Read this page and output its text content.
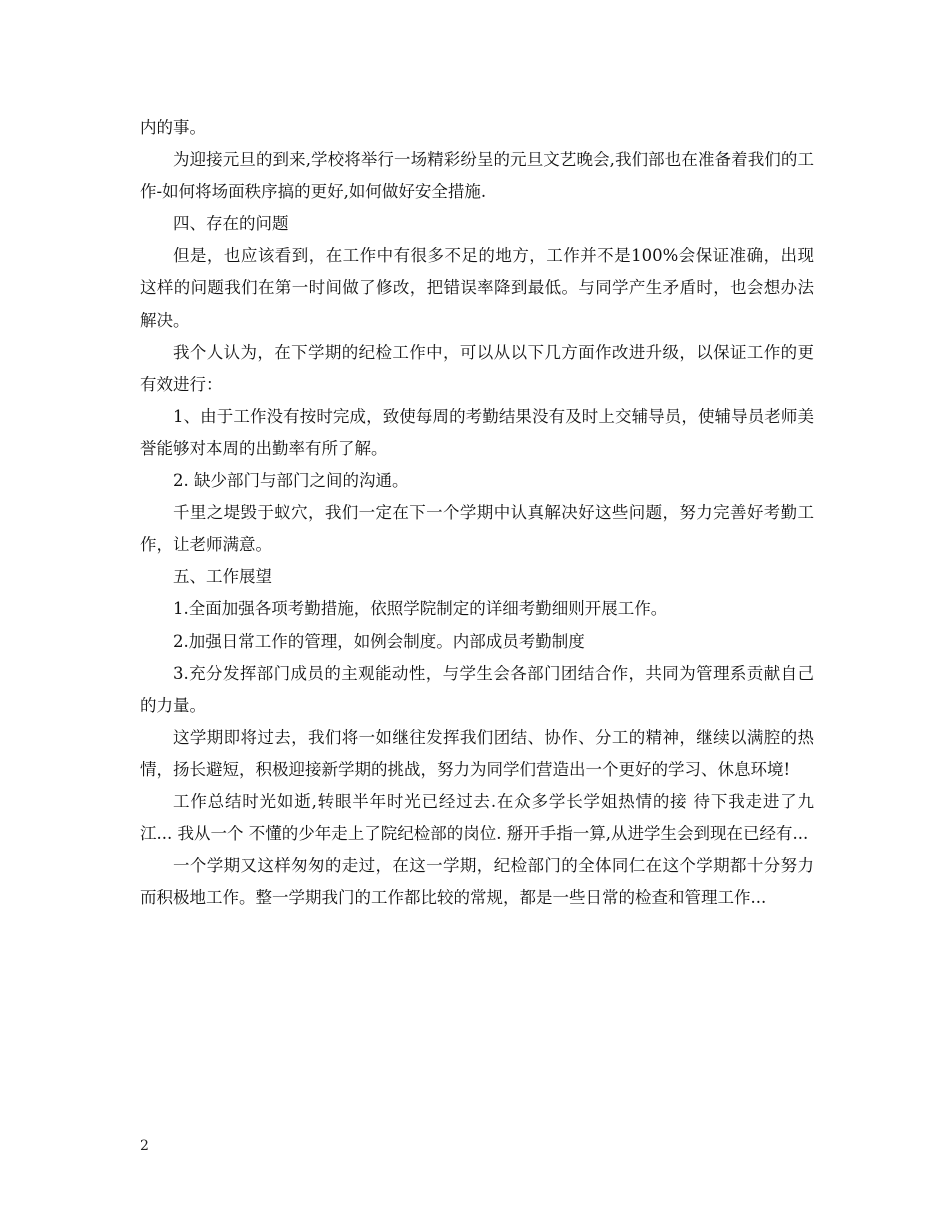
内的事。

为迎接元旦的到来,学校将举行一场精彩纷呈的元旦文艺晚会,我们部也在准备着我们的工作-如何将场面秩序搞的更好,如何做好安全措施.

四、存在的问题

但是，也应该看到，在工作中有很多不足的地方，工作并不是100%会保证准确，出现这样的问题我们在第一时间做了修改，把错误率降到最低。与同学产生矛盾时，也会想办法解决。

我个人认为，在下学期的纪检工作中，可以从以下几方面作改进升级，以保证工作的更有效进行：

1、由于工作没有按时完成，致使每周的考勤结果没有及时上交辅导员，使辅导员老师美誉能够对本周的出勤率有所了解。

2. 缺少部门与部门之间的沟通。

千里之堤毁于蚁穴，我们一定在下一个学期中认真解决好这些问题，努力完善好考勤工作，让老师满意。

五、工作展望

1.全面加强各项考勤措施，依照学院制定的详细考勤细则开展工作。

2.加强日常工作的管理，如例会制度。内部成员考勤制度

3.充分发挥部门成员的主观能动性，与学生会各部门团结合作，共同为管理系贡献自己的力量。

这学期即将过去，我们将一如继往发挥我们团结、协作、分工的精神，继续以满腔的热情，扬长避短，积极迎接新学期的挑战，努力为同学们营造出一个更好的学习、休息环境!

工作总结时光如逝,转眼半年时光已经过去.在众多学长学姐热情的接 待下我走进了九江... 我从一个 不懂的少年走上了院纪检部的岗位. 掰开手指一算,从进学生会到现在已经有...

一个学期又这样匆匆的走过，在这一学期，纪检部门的全体同仁在这个学期都十分努力而积极地工作。整一学期我门的工作都比较的常规，都是一些日常的检查和管理工作...

2
